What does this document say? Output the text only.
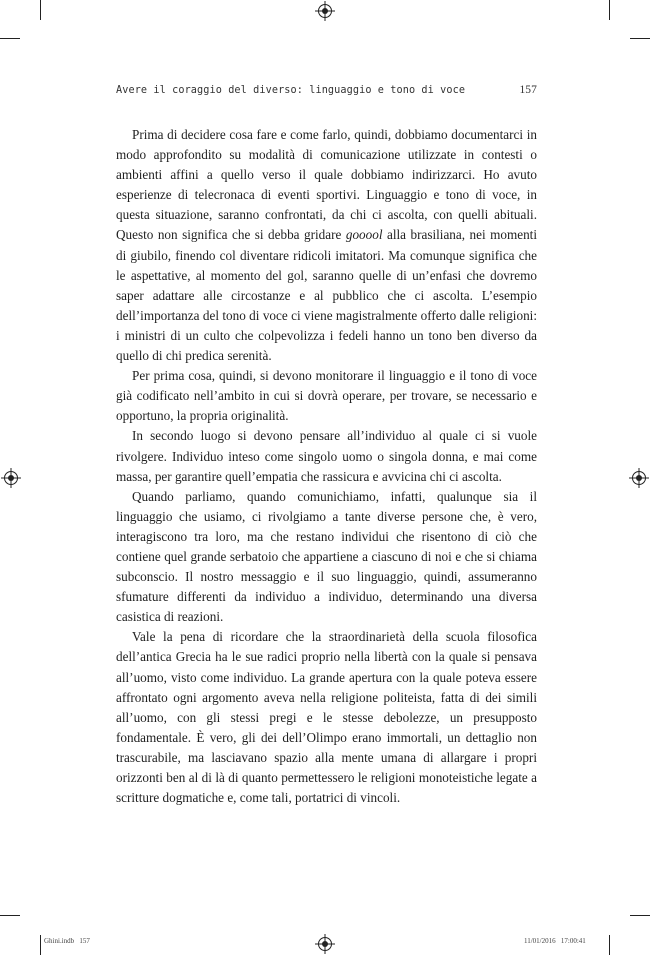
Avere il coraggio del diverso: linguaggio e tono di voce	157

Prima di decidere cosa fare e come farlo, quindi, dobbiamo documentarci in modo approfondito su modalità di comunicazione utilizzate in contesti o ambienti affini a quello verso il quale dobbiamo indirizzarci. Ho avuto esperienze di telecronaca di eventi sportivi. Linguaggio e tono di voce, in questa situazione, saranno confrontati, da chi ci ascolta, con quelli abituali. Questo non significa che si debba gridare gooool alla brasiliana, nei momenti di giubilo, finendo col diventare ridicoli imitatori. Ma comunque significa che le aspettative, al momento del gol, saranno quelle di un’enfasi che dovremo saper adattare alle circostanze e al pubblico che ci ascolta. L’esempio dell’importanza del tono di voce ci viene magistralmente offerto dalle religioni: i ministri di un culto che colpevolizza i fedeli hanno un tono ben diverso da quello di chi predica serenità.

Per prima cosa, quindi, si devono monitorare il linguaggio e il tono di voce già codificato nell’ambito in cui si dovrà operare, per trovare, se necessario e opportuno, la propria originalità.

In secondo luogo si devono pensare all’individuo al quale ci si vuole rivolgere. Individuo inteso come singolo uomo o singola donna, e mai come massa, per garantire quell’empatia che rassicura e avvicina chi ci ascolta.

Quando parliamo, quando comunichiamo, infatti, qualunque sia il linguaggio che usiamo, ci rivolgiamo a tante diverse persone che, è vero, interagiscono tra loro, ma che restano individui che risentono di ciò che contiene quel grande serbatoio che appartiene a ciascuno di noi e che si chiama subconscio. Il nostro messaggio e il suo linguaggio, quindi, assumeranno sfumature differenti da individuo a individuo, determinando una diversa casistica di reazioni.

Vale la pena di ricordare che la straordinarietà della scuola filosofica dell’antica Grecia ha le sue radici proprio nella libertà con la quale si pensava all’uomo, visto come individuo. La grande apertura con la quale poteva essere affrontato ogni argomento aveva nella religione politeista, fatta di dei simili all’uomo, con gli stessi pregi e le stesse debolezze, un presupposto fondamentale. È vero, gli dei dell’Olimpo erano immortali, un dettaglio non trascurabile, ma lasciavano spazio alla mente umana di allargare i propri orizzonti ben al di là di quanto permettessero le religioni monoteistiche legate a scritture dogmatiche e, come tali, portatrici di vincoli.

Ghini.indb   157	11/01/2016   17:00:41
